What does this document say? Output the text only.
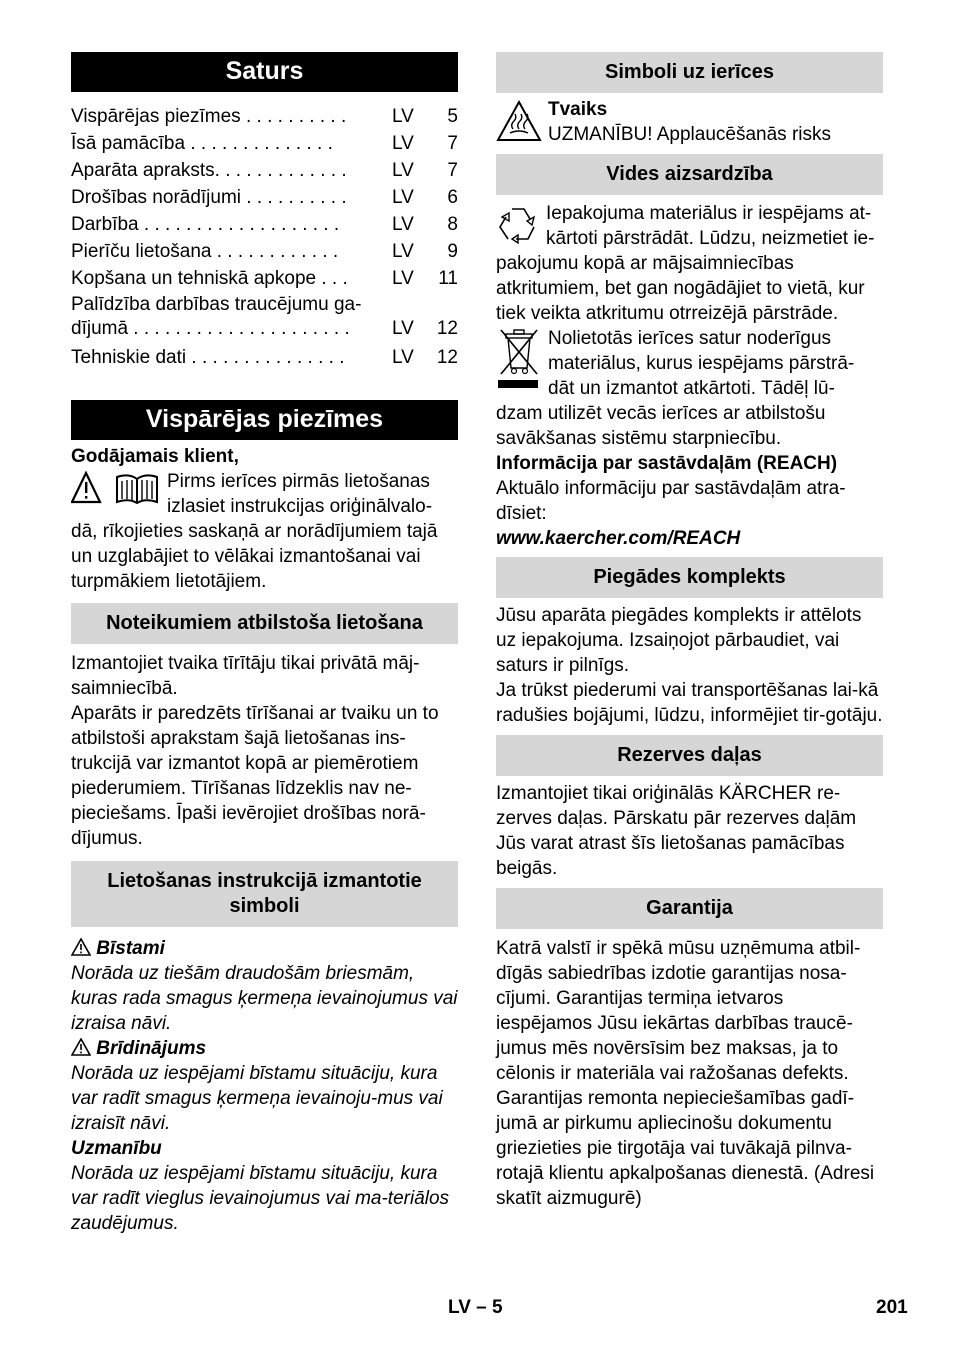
Saturs
Vispārējas piezīmes . . . . . . . . . .	LV	5
Īsā pamācība . . . . . . . . . . . . . .	LV	7
Aparāta apraksts. . . . . . . . . . . . .	LV	7
Drošības norādījumi . . . . . . . . . .	LV	6
Darbība . . . . . . . . . . . . . . . . . . .	LV	8
Pierīču lietošana . . . . . . . . . . . .	LV	9
Kopšana un tehniskā apkope . . .	LV	11
Palīdzība darbības traucējumu ga-
dījumā . . . . . . . . . . . . . . . . . . . . .	LV	12
Tehniskie dati . . . . . . . . . . . . . . .	LV	12
Vispārējas piezīmes

Godājamais klient,

Pirms ierīces pirmās lietošanas

izlasiet instrukcijas oriģinālvalo-

dā, rīkojieties saskaņā ar norādījumiem tajā un uzglabājiet to vēlākai izmantošanai vai turpmākiem lietotājiem.

Noteikumiem atbilstoša lietošana

Izmantojiet tvaika tīrītāju tikai privātā māj-saimniecībā.

Aparāts ir paredzēts tīrīšanai ar tvaiku un to atbilstoši aprakstam šajā lietošanas ins-trukcijā var izmantot kopā ar piemērotiem piederumiem. Tīrīšanas līdzeklis nav ne-pieciešams. Īpaši ievērojiet drošības norā-dījumus.

Lietošanas instrukcijā izmantotie simboli
Bīstami

Norāda uz tiešām draudošām briesmām, kuras rada smagus ķermeņa ievainojumus vai izraisa nāvi.

Brīdinājums

Norāda uz iespējami bīstamu situāciju, kura var radīt smagus ķermeņa ievainoju-mus vai izraisīt nāvi.

Uzmanību

Norāda uz iespējami bīstamu situāciju, kura var radīt vieglus ievainojumus vai ma-teriālos zaudējumus.

Simboli uz ierīces

Tvaiks

UZMANĪBU! Applaucēšanās risks

Vides aizsardzība

Iepakojuma materiālus ir iespējams at-

kārtoti pārstrādāt. Lūdzu, neizmetiet ie-

pakojumu kopā ar mājsaimniecības atkritumiem, bet gan nogādājiet to vietā, kur tiek veikta atkritumu otrreizējā pārstrāde.

Nolietotās ierīces satur noderīgus

materiālus, kurus iespējams pārstrā-

dāt un izmantot atkārtoti. Tādēļ lū-

dzam utilizēt vecās ierīces ar atbilstošu savākšanas sistēmu starpniecību.

Informācija par sastāvdaļām (REACH)

Aktuālo informāciju par sastāvdaļām atra-dīsiet:

www.kaercher.com/REACH

Piegādes komplekts

Jūsu aparāta piegādes komplekts ir attēlots uz iepakojuma. Izsaiņojot pārbaudiet, vai saturs ir pilnīgs.

Ja trūkst piederumi vai transportēšanas lai-kā radušies bojājumi, lūdzu, informējiet tir-gotāju.

Rezerves daļas

Izmantojiet tikai oriģinālās KÄRCHER re-zerves daļas. Pārskatu pār rezerves daļām Jūs varat atrast šīs lietošanas pamācības beigās.

Garantija

Katrā valstī ir spēkā mūsu uzņēmuma atbil-dīgās sabiedrības izdotie garantijas nosa-cījumi. Garantijas termiņa ietvaros iespējamos Jūsu iekārtas darbības traucē-jumus mēs novērsīsim bez maksas, ja to cēlonis ir materiāla vai ražošanas defekts. Garantijas remonta nepieciešamības gadī-jumā ar pirkumu apliecinošu dokumentu griezieties pie tirgotāja vai tuvākajā pilnva-rotajā klientu apkalpošanas dienestā. (Adresi skatīt aizmugurē)

LV – 5	201
